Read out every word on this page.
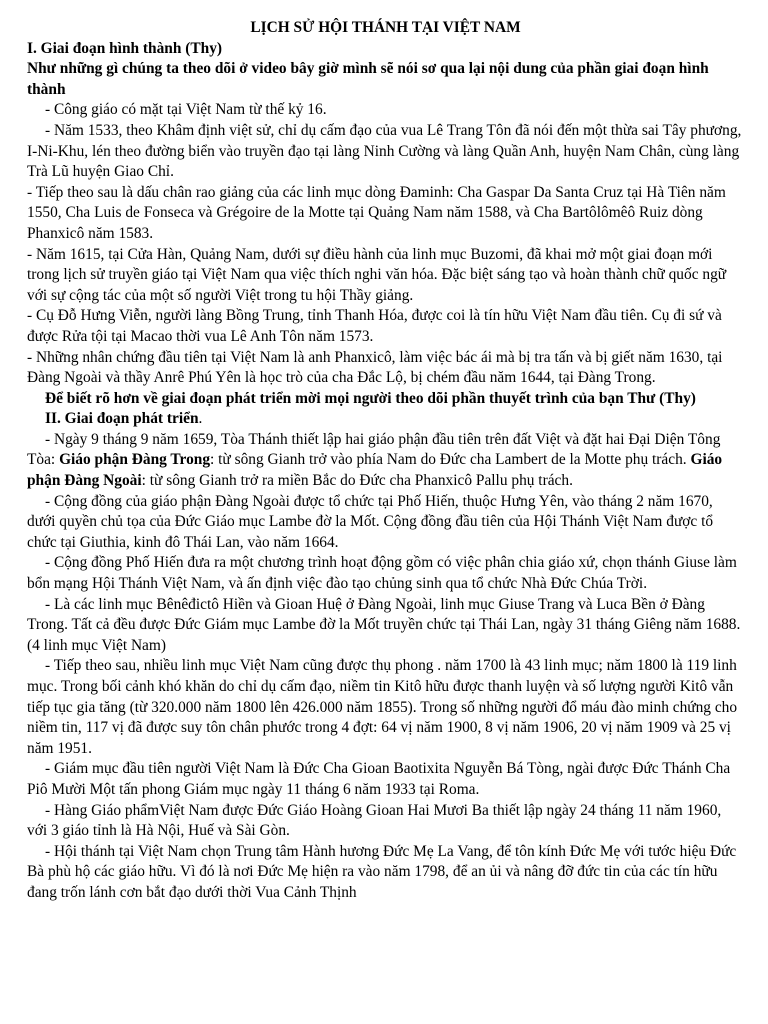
LỊCH SỬ HỘI THÁNH TẠI VIỆT NAM

I. Giai đoạn hình thành (Thy)

Như những gì chúng ta theo dõi ở video bây giờ mình sẽ nói sơ qua lại nội dung của phần giai đoạn hình thành

- Công giáo có mặt tại Việt Nam từ thế kỷ 16.

- Năm 1533, theo Khâm định việt sử, chỉ dụ cấm đạo của vua Lê Trang Tôn đã nói đến một thừa sai Tây phương, I-Ni-Khu, lén theo đường biển vào truyền đạo tại làng Ninh Cường và làng Quần Anh, huyện Nam Chân, cùng làng Trà Lũ huyện Giao Chỉ.

- Tiếp theo sau là dấu chân rao giảng của các linh mục dòng Đaminh: Cha Gaspar Da Santa Cruz tại Hà Tiên năm 1550, Cha Luis de Fonseca và Grégoire de la Motte tại Quảng Nam năm 1588, và Cha Bartôlômêô Ruiz dòng Phanxicô năm 1583.

- Năm 1615, tại Cửa Hàn, Quảng Nam, dưới sự điều hành của linh mục Buzomi, đã khai mở một giai đoạn mới trong lịch sử truyền giáo tại Việt Nam qua việc thích nghi văn hóa. Đặc biệt sáng tạo và hoàn thành chữ quốc ngữ với sự cộng tác của một số người Việt trong tu hội Thầy giảng.

- Cụ Đỗ Hưng Viễn, người làng Bồng Trung, tỉnh Thanh Hóa, được coi là tín hữu Việt Nam đầu tiên. Cụ đi sứ và được Rửa tội tại Macao thời vua Lê Anh Tôn năm 1573.

- Những nhân chứng đầu tiên tại Việt Nam là anh Phanxicô, làm việc bác ái mà bị tra tấn và bị giết năm 1630, tại Đàng Ngoài và thầy Anrê Phú Yên là học trò của cha Đắc Lộ, bị chém đầu năm 1644, tại Đàng Trong.

Để biết rõ hơn về giai đoạn phát triển mời mọi người theo dõi phần thuyết trình của bạn Thư (Thy)

II. Giai đoạn phát triển.

- Ngày 9 tháng 9 năm 1659, Tòa Thánh thiết lập hai giáo phận đầu tiên trên đất Việt và đặt hai Đại Diện Tông Tòa: Giáo phận Đàng Trong: từ sông Gianh trở vào phía Nam do Đức cha Lambert de la Motte phụ trách. Giáo phận Đàng Ngoài: từ sông Gianh trở ra miền Bắc do Đức cha Phanxicô Pallu phụ trách.

- Cộng đồng của giáo phận Đàng Ngoài được tổ chức tại Phố Hiến, thuộc Hưng Yên, vào tháng 2 năm 1670, dưới quyền chủ tọa của Đức Giáo mục Lambe đờ la Mốt. Cộng đồng đầu tiên của Hội Thánh Việt Nam được tổ chức tại Giuthia, kinh đô Thái Lan, vào năm 1664.

- Cộng đồng Phố Hiến đưa ra một chương trình hoạt động gồm có việc phân chia giáo xứ, chọn thánh Giuse làm bổn mạng Hội Thánh Việt Nam, và ấn định việc đào tạo chủng sinh qua tổ chức Nhà Đức Chúa Trời.

- Là các linh mục Bênêđictô Hiền và Gioan Huệ ở Đàng Ngoài, linh mục Giuse Trang và Luca Bền ở Đàng Trong. Tất cả đều được Đức Giám mục Lambe đờ la Mốt truyền chức tại Thái Lan, ngày 31 tháng Giêng năm 1688. (4 linh mục Việt Nam)

- Tiếp theo sau, nhiều linh mục Việt Nam cũng được thụ phong . năm 1700 là 43 linh mục; năm 1800 là 119 linh mục. Trong bối cảnh khó khăn do chỉ dụ cấm đạo, niềm tin Kitô hữu được thanh luyện và số lượng người Kitô vẫn tiếp tục gia tăng (từ 320.000 năm 1800 lên 426.000 năm 1855). Trong số những người đổ máu đào minh chứng cho niềm tin, 117 vị đã được suy tôn chân phước trong 4 đợt: 64 vị năm 1900, 8 vị năm 1906, 20 vị năm 1909 và 25 vị năm 1951.

- Giám mục đầu tiên người Việt Nam là Đức Cha Gioan Baotixita Nguyễn Bá Tòng, ngài được Đức Thánh Cha Piô Mười Một tấn phong Giám mục ngày 11 tháng 6 năm 1933 tại Roma.

- Hàng Giáo phẩmViệt Nam được Đức Giáo Hoàng Gioan Hai Mươi Ba thiết lập ngày 24 tháng 11 năm 1960, với 3 giáo tỉnh là Hà Nội, Huế và Sài Gòn.

- Hội thánh tại Việt Nam chọn Trung tâm Hành hương Đức Mẹ La Vang, để tôn kính Đức Mẹ với tước hiệu Đức Bà phù hộ các giáo hữu. Vì đó là nơi Đức Mẹ hiện ra vào năm 1798, để an ủi và nâng đỡ đức tin của các tín hữu đang trốn lánh cơn bắt đạo dưới thời Vua Cảnh Thịnh
